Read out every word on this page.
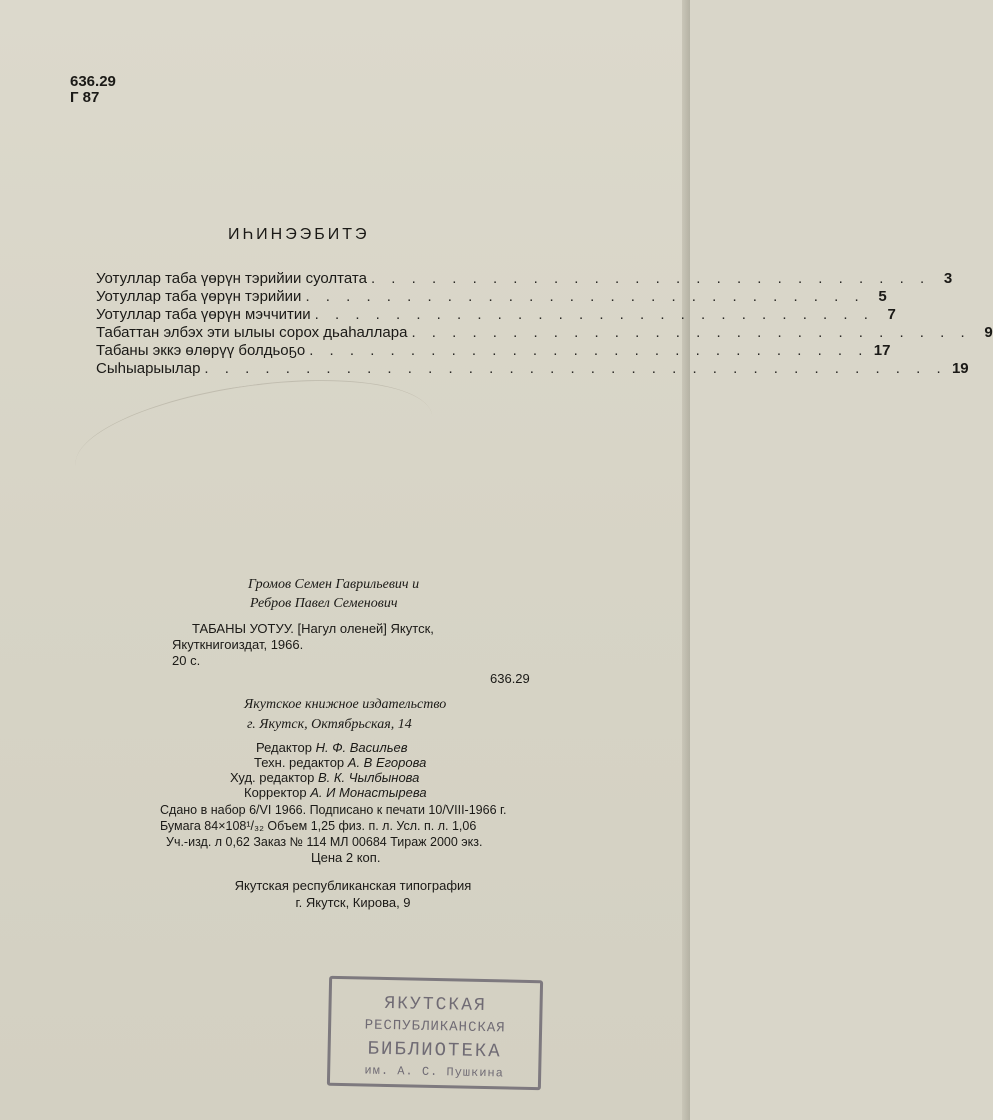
636.29
Г 87
ИҺИНЭЭБИТЭ
Уотуллар таба үөрүн тэрийии суолтата . . . . . . . . . . . . . . . . . . . . . . . . . . . . 3
Уотуллар таба үөрүн тэрийии . . . . . . . . . . . . . . . . . . . . . . . . . . . . 5
Уотуллар таба үөрүн мэччитии . . . . . . . . . . . . . . . . . . . . . . . . . . . . 7
Табаттан элбэх эти ылыы сорох дьаһаллара . . . . . . . . . . . . . . . . . . . . . . . . . . . . 9
Табаны эккэ өлөрүү болдьоҕо . . . . . . . . . . . . . . . . . . . . . . . . . . . . 17
Сыһыарыылар . . . . . . . . . . . . . . . . . . . . . . . . . . . . . . . . . . . . . 19
Громов Семен Гаврильевич и
Ребров Павел Семенович
ТАБАНЫ УОТУУ. [Нагул оленей] Якутск,
Якуткнигоиздат, 1966.
20 с.
636.29
Якутское книжное издательство
г. Якутск, Октябрьская, 14
Редактор Н. Ф. Васильев
Техн. редактор А. В Егорова
Худ. редактор В. К. Чылбынова
Корректор А. И Монастырева
Сдано в набор 6/VI 1966. Подписано к печати 10/VIII-1966 г.
Бумага 84×108¹/₃₂ Объем 1,25 физ. п. л. Усл. п. л. 1,06
Уч.-изд. л 0,62 Заказ № 114 МЛ 00684 Тираж 2000 экз.
Цена 2 коп.
Якутская республиканская типография
г. Якутск, Кирова, 9
ЯКУТСКАЯ
РЕСПУБЛИКАНСКАЯ
БИБЛИОТЕКА
им. А. С. Пушкина
